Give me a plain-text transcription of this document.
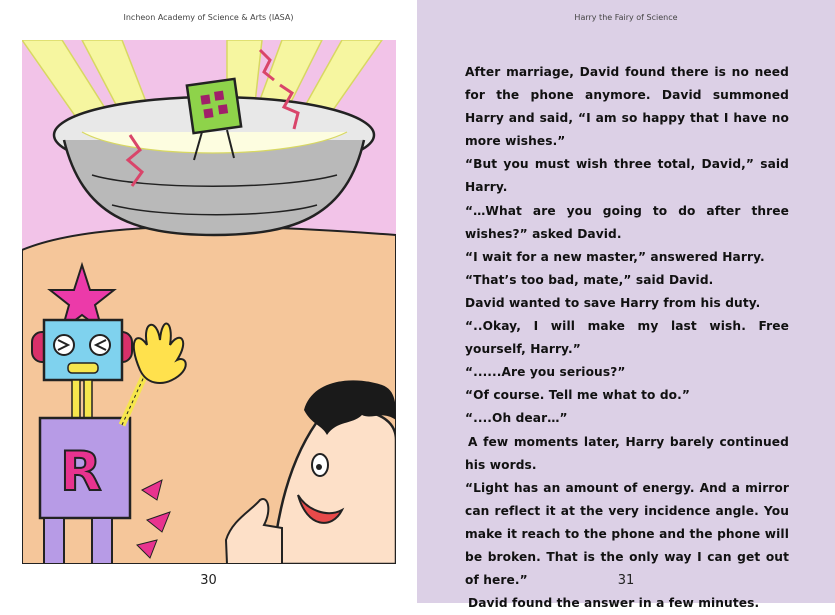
Incheon Academy of Science & Arts (IASA)
R
30
Harry the Fairy of Science

After marriage, David found there is no need for the phone anymore. David summoned Harry and said, “I am so happy that I have no more wishes.”

“But you must wish three total, David,” said Harry.

“…What are you going to do after three wishes?” asked David.

“I wait for a new master,” answered Harry.

“That’s too bad, mate,” said David.

David wanted to save Harry from his duty.

“..Okay, I will make my last wish. Free yourself, Harry.”

“......Are you serious?”

“Of course. Tell me what to do.”

“....Oh dear…”

A few moments later, Harry barely continued his words.

“Light has an amount of energy. And a mirror can reflect it at the very incidence angle. You make it reach to the phone and the phone will be broken. That is the only way I can get out of here.”

David found the answer in a few minutes.

31
